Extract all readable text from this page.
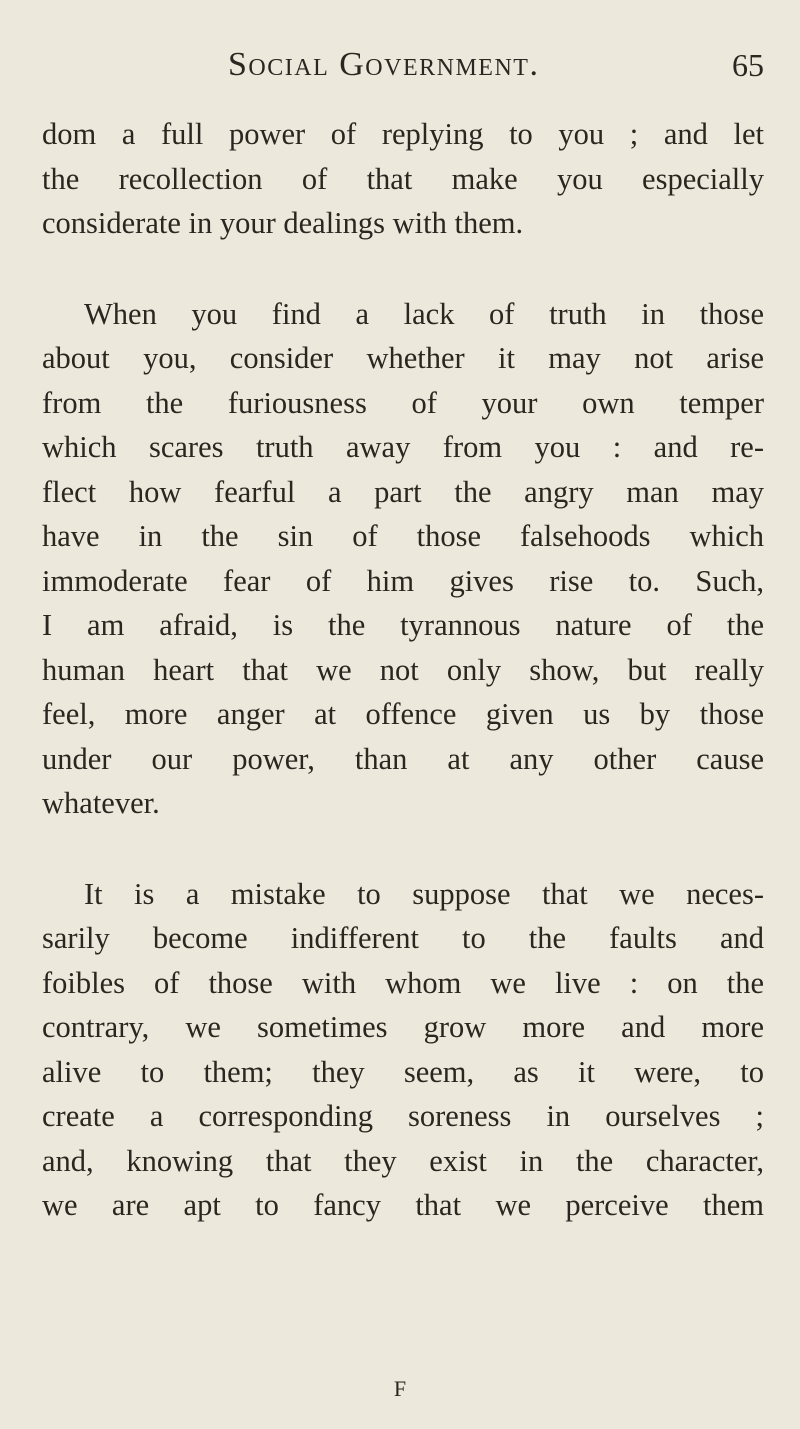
Social Government.	65

dom a full power of replying to you ; and let
the recollection of that make you especially
considerate in your dealings with them.

When you find a lack of truth in those
about you, consider whether it may not arise
from the furiousness of your own temper
which scares truth away from you : and re-
flect how fearful a part the angry man may
have in the sin of those falsehoods which
immoderate fear of him gives rise to. Such,
I am afraid, is the tyrannous nature of the
human heart that we not only show, but really
feel, more anger at offence given us by those
under our power, than at any other cause
whatever.

It is a mistake to suppose that we neces-
sarily become indifferent to the faults and
foibles of those with whom we live : on the
contrary, we sometimes grow more and more
alive to them; they seem, as it were, to
create a corresponding soreness in ourselves ;
and, knowing that they exist in the character,
we are apt to fancy that we perceive them

F
